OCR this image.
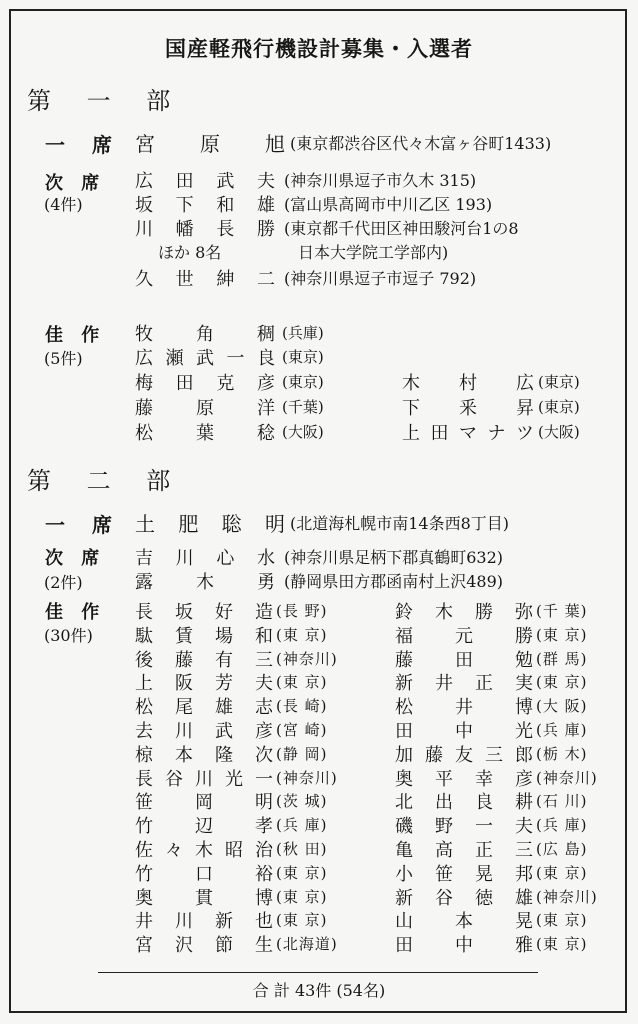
国産軽飛行機設計募集・入選者
第 一 部
第 二 部
一 席 宮 原 旭 (東京都渋谷区代々木富ヶ谷町1433)
次 席
(4件)
広 田 武 夫 (神奈川県逗子市久木 315)
坂 下 和 雄 (富山県高岡市中川乙区 193)
川 幡 長 勝 (東京都千代田区神田駿河台1の8
ほか 8名	日本大学院工学部内)
久 世 紳 二 (神奈川県逗子市逗子 792)
佳 作
(5件)
牧 角 稠 (兵庫)
広 瀬 武 一 良 (東京)
梅 田 克 彦 (東京)
藤 原 洋 (千葉)
松 葉 稔 (大阪)
木 村 広 (東京)
下 釆 昇 (東京)
上 田 マ ナ ツ (大阪)
一 席 土 肥 聡 明 (北道海札幌市南14条西8丁目)
次 席
(2件)
吉 川 心 水 (神奈川県足柄下郡真鶴町632)
露 木 勇 (静岡県田方郡函南村上沢489)
佳 作
(30件)
長 坂 好 造 (長 野)
駄 賃 場 和 (東 京)
後 藤 有 三 (神奈川)
上 阪 芳 夫 (東 京)
松 尾 雄 志 (長 崎)
去 川 武 彦 (宮 崎)
椋 本 隆 次 (静 岡)
長 谷 川 光 一 (神奈川)
笹 岡 明 (茨 城)
竹 辺 孝 (兵 庫)
佐 々 木 昭 治 (秋 田)
竹 口 裕 (東 京)
奥 貫 博 (東 京)
井 川 新 也 (東 京)
宮 沢 節 生 (北海道)
鈴 木 勝 弥 (千 葉)
福 元 勝 (東 京)
藤 田 勉 (群 馬)
新 井 正 実 (東 京)
松 井 博 (大 阪)
田 中 光 (兵 庫)
加 藤 友 三 郎 (栃 木)
奥 平 幸 彦 (神奈川)
北 出 良 耕 (石 川)
磯 野 一 夫 (兵 庫)
亀 高 正 三 (広 島)
小 笹 晃 邦 (東 京)
新 谷 徳 雄 (神奈川)
山 本 晃 (東 京)
田 中 雅 (東 京)
合 計 43件 (54名)
